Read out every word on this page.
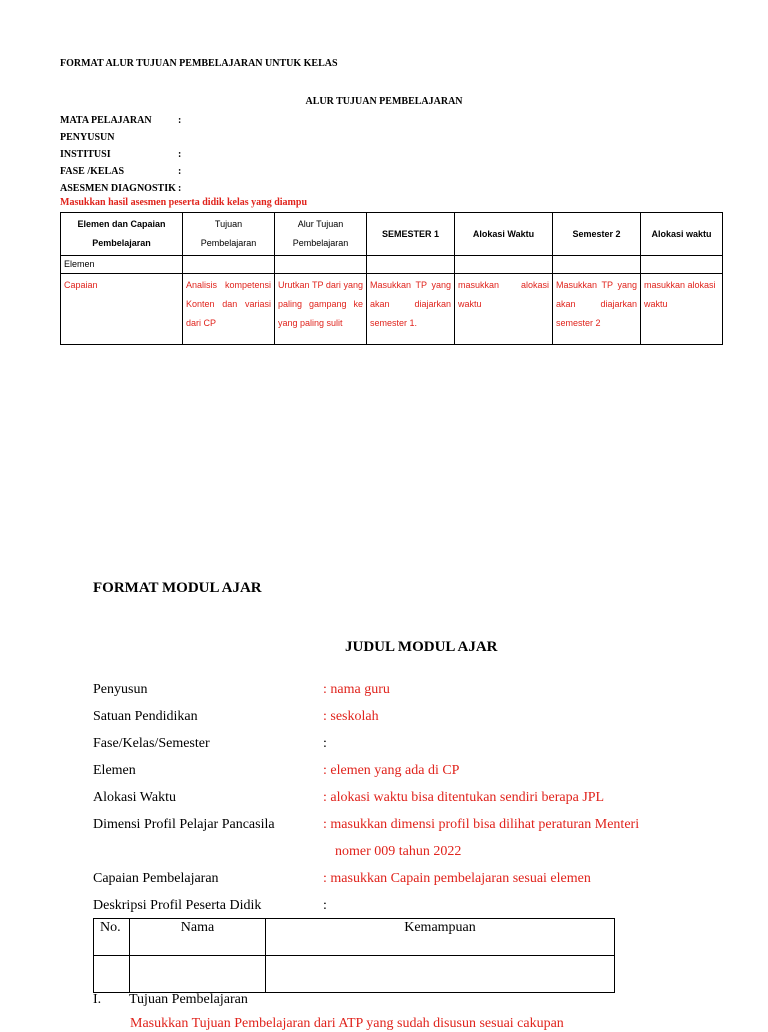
FORMAT ALUR TUJUAN PEMBELAJARAN UNTUK KELAS
ALUR TUJUAN PEMBELAJARAN
MATA PELAJARAN	:
PENYUSUN
INSTITUSI	:
FASE /KELAS	:
ASESMEN DIAGNOSTIK :
Masukkan hasil asesmen peserta didik kelas yang diampu
Elemen dan Capaian Pembelajaran	Tujuan Pembelajaran	Alur Tujuan Pembelajaran	SEMESTER 1	Alokasi Waktu	Semester 2	Alokasi waktu
Elemen						
Capaian	Analisis kompetensi Konten dan variasi dari CP	Urutkan TP dari yang paling gampang ke yang paling sulit	Masukkan TP yang akan diajarkan semester 1.	masukkan alokasi waktu	Masukkan TP yang akan diajarkan semester 2	masukkan alokasi waktu
FORMAT MODUL AJAR
JUDUL MODUL AJAR
Penyusun	: nama guru
Satuan Pendidikan	: seskolah
Fase/Kelas/Semester	:
Elemen	: elemen yang ada di CP
Alokasi Waktu	: alokasi waktu bisa ditentukan sendiri berapa JPL
Dimensi Profil Pelajar Pancasila	: masukkan dimensi profil bisa dilihat peraturan Menteri
nomer 009 tahun 2022
Capaian Pembelajaran	: masukkan Capain pembelajaran sesuai elemen
Deskripsi Profil Peserta Didik	:
No.	Nama	Kemampuan

I. Tujuan Pembelajaran
Masukkan Tujuan Pembelajaran dari ATP yang sudah disusun sesuai cakupan
